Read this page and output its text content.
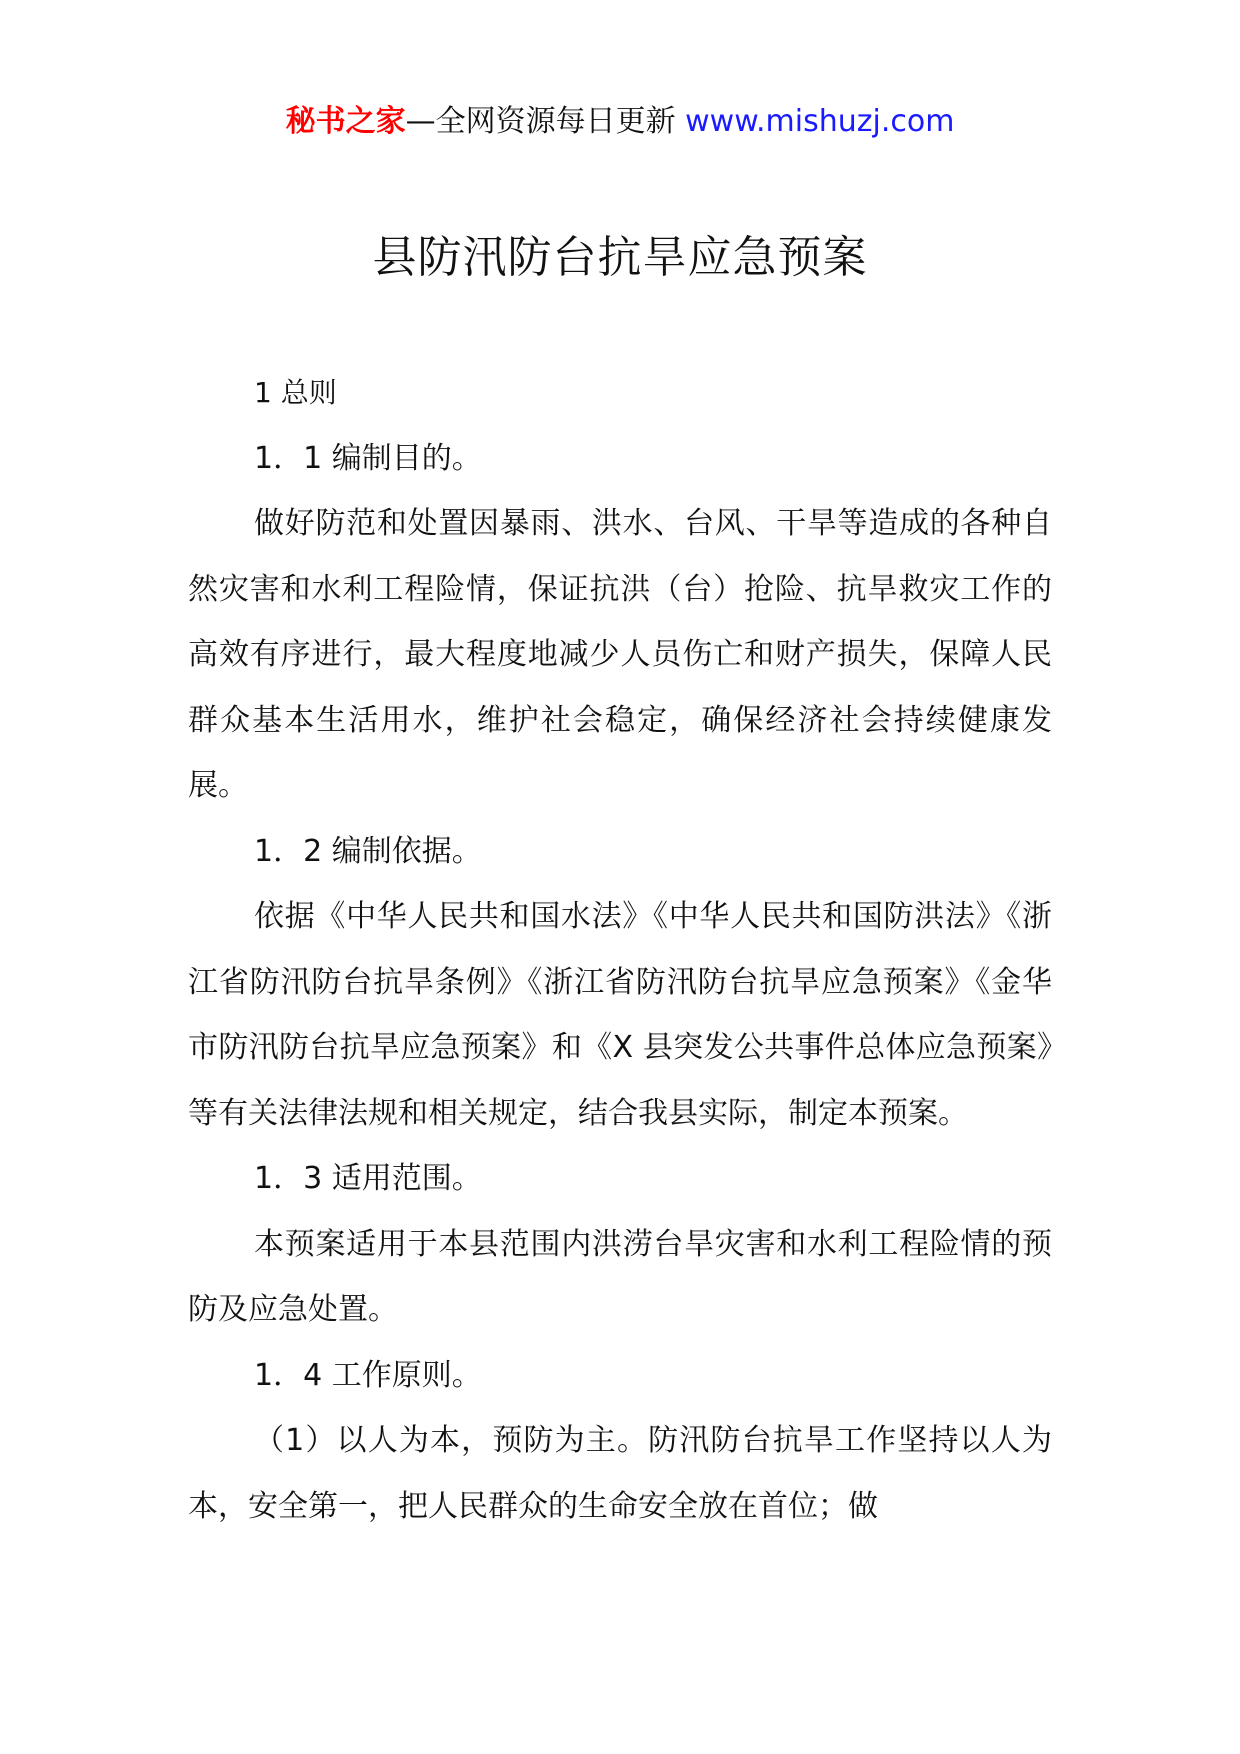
秘书之家—全网资源每日更新 www.mishuzj.com
县防汛防台抗旱应急预案

1 总则

1．1 编制目的。

做好防范和处置因暴雨、洪水、台风、干旱等造成的各种自然灾害和水利工程险情，保证抗洪（台）抢险、抗旱救灾工作的高效有序进行，最大程度地减少人员伤亡和财产损失，保障人民群众基本生活用水，维护社会稳定，确保经济社会持续健康发展。

1．2 编制依据。

依据《中华人民共和国水法》《中华人民共和国防洪法》《浙江省防汛防台抗旱条例》《浙江省防汛防台抗旱应急预案》《金华市防汛防台抗旱应急预案》和《X 县突发公共事件总体应急预案》等有关法律法规和相关规定，结合我县实际，制定本预案。

1．3 适用范围。

本预案适用于本县范围内洪涝台旱灾害和水利工程险情的预防及应急处置。

1．4 工作原则。

（1）以人为本，预防为主。防汛防台抗旱工作坚持以人为本，安全第一，把人民群众的生命安全放在首位；做
